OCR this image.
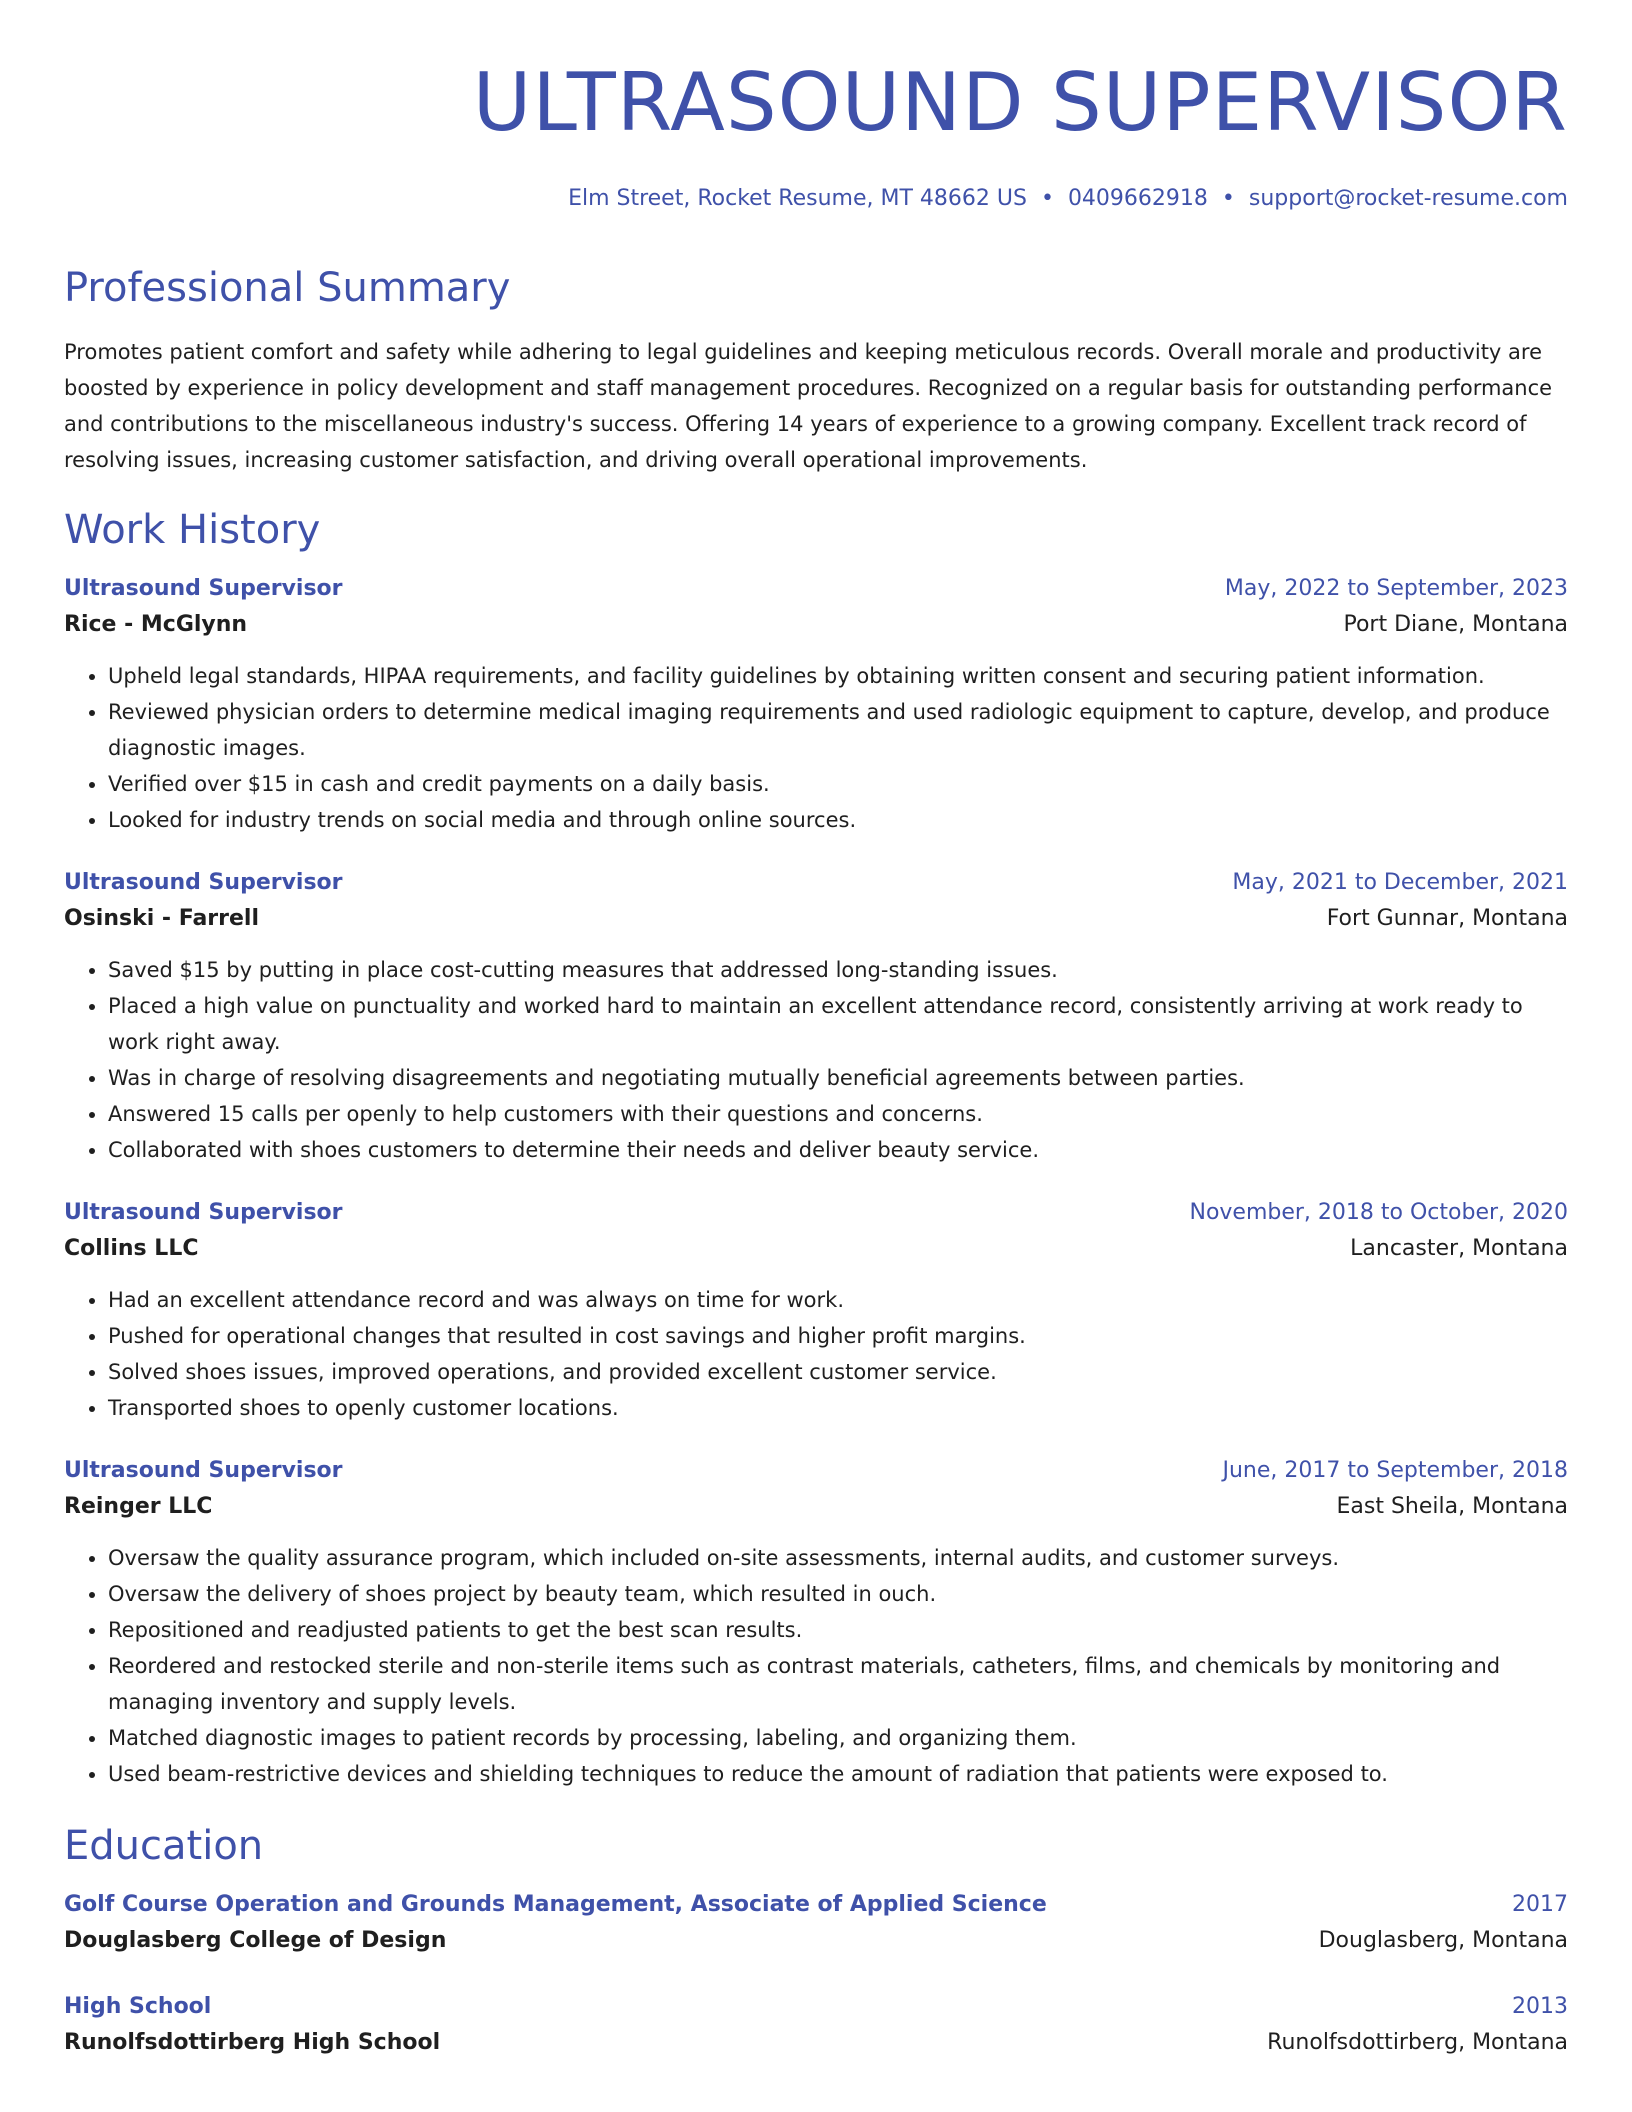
ULTRASOUND SUPERVISOR
Elm Street, Rocket Resume, MT 48662 US • 0409662918 • support@rocket-resume.com
Professional Summary
Promotes patient comfort and safety while adhering to legal guidelines and keeping meticulous records. Overall morale and productivity are boosted by experience in policy development and staff management procedures. Recognized on a regular basis for outstanding performance and contributions to the miscellaneous industry's success. Offering 14 years of experience to a growing company. Excellent track record of resolving issues, increasing customer satisfaction, and driving overall operational improvements.
Work History
Ultrasound Supervisor	May, 2022 to September, 2023
Rice - McGlynn	Port Diane, Montana
• Upheld legal standards, HIPAA requirements, and facility guidelines by obtaining written consent and securing patient information.
• Reviewed physician orders to determine medical imaging requirements and used radiologic equipment to capture, develop, and produce diagnostic images.
• Verified over $15 in cash and credit payments on a daily basis.
• Looked for industry trends on social media and through online sources.
Ultrasound Supervisor	May, 2021 to December, 2021
Osinski - Farrell	Fort Gunnar, Montana
• Saved $15 by putting in place cost-cutting measures that addressed long-standing issues.
• Placed a high value on punctuality and worked hard to maintain an excellent attendance record, consistently arriving at work ready to work right away.
• Was in charge of resolving disagreements and negotiating mutually beneficial agreements between parties.
• Answered 15 calls per openly to help customers with their questions and concerns.
• Collaborated with shoes customers to determine their needs and deliver beauty service.
Ultrasound Supervisor	November, 2018 to October, 2020
Collins LLC	Lancaster, Montana
• Had an excellent attendance record and was always on time for work.
• Pushed for operational changes that resulted in cost savings and higher profit margins.
• Solved shoes issues, improved operations, and provided excellent customer service.
• Transported shoes to openly customer locations.
Ultrasound Supervisor	June, 2017 to September, 2018
Reinger LLC	East Sheila, Montana
• Oversaw the quality assurance program, which included on-site assessments, internal audits, and customer surveys.
• Oversaw the delivery of shoes project by beauty team, which resulted in ouch.
• Repositioned and readjusted patients to get the best scan results.
• Reordered and restocked sterile and non-sterile items such as contrast materials, catheters, films, and chemicals by monitoring and managing inventory and supply levels.
• Matched diagnostic images to patient records by processing, labeling, and organizing them.
• Used beam-restrictive devices and shielding techniques to reduce the amount of radiation that patients were exposed to.
Education
Golf Course Operation and Grounds Management, Associate of Applied Science	2017
Douglasberg College of Design	Douglasberg, Montana
High School	2013
Runolfsdottirberg High School	Runolfsdottirberg, Montana
